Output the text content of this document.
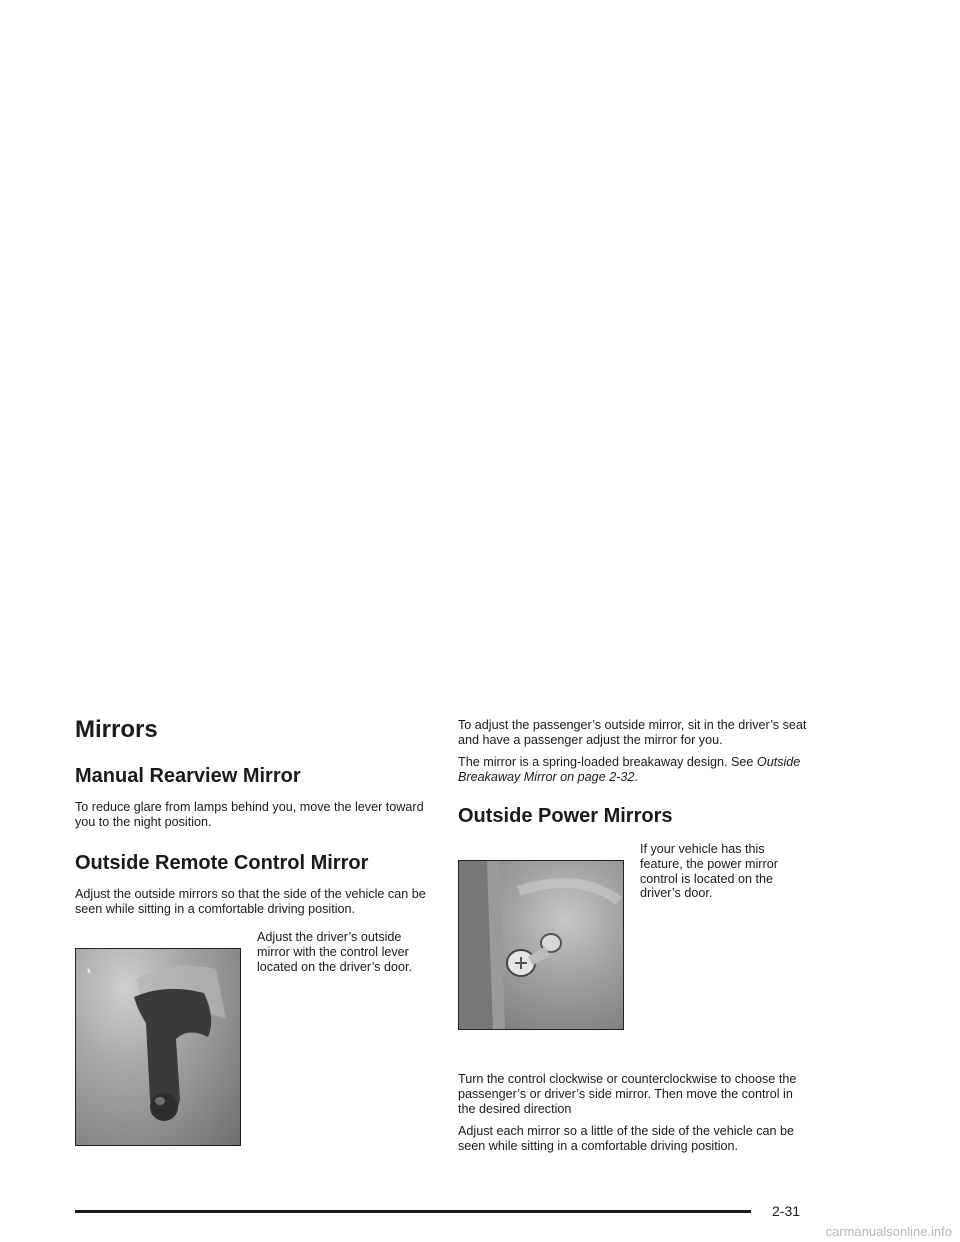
Mirrors
Manual Rearview Mirror

To reduce glare from lamps behind you, move the lever toward you to the night position.

Outside Remote Control Mirror

Adjust the outside mirrors so that the side of the vehicle can be seen while sitting in a comfortable driving position.

Adjust the driver’s outside mirror with the control lever located on the driver’s door.

To adjust the passenger’s outside mirror, sit in the driver’s seat and have a passenger adjust the mirror for you.

The mirror is a spring-loaded breakaway design. See Outside Breakaway Mirror on page 2-32.

Outside Power Mirrors

If your vehicle has this feature, the power mirror control is located on the driver’s door.

Turn the control clockwise or counterclockwise to choose the passenger’s or driver’s side mirror. Then move the control in the desired direction

Adjust each mirror so a little of the side of the vehicle can be seen while sitting in a comfortable driving position.

2-31
carmanualsonline.info
